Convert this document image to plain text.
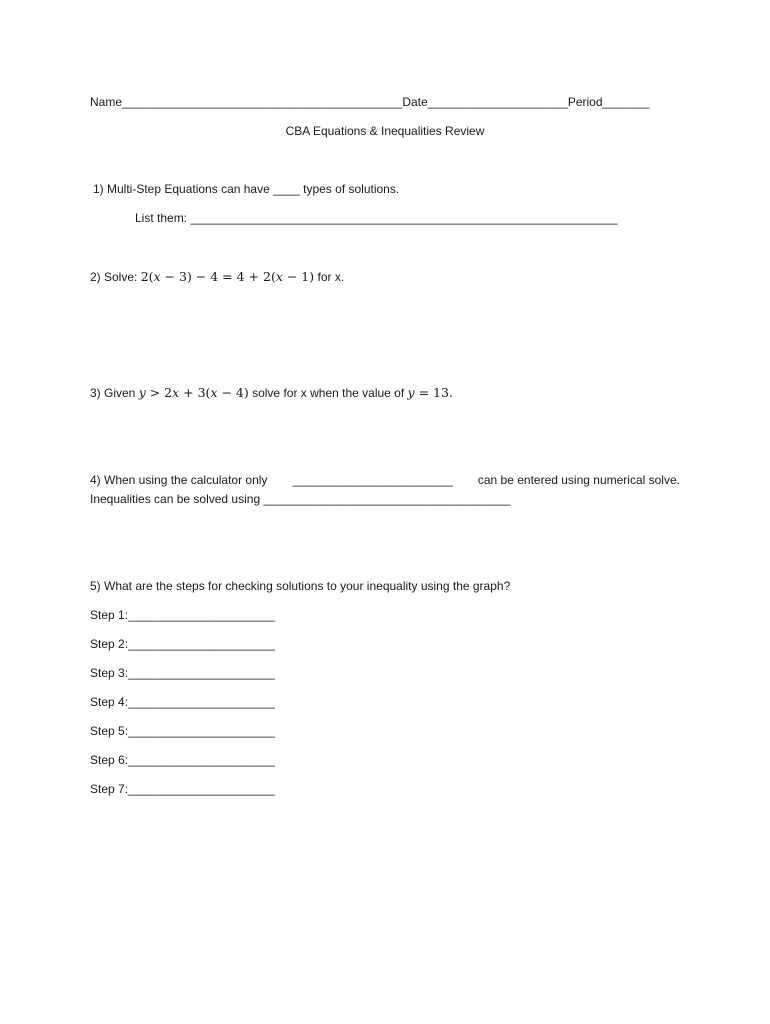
Name__________________________________________Date_____________________Period_______
CBA Equations & Inequalities Review
1) Multi-Step Equations can have ____ types of solutions.
List them: ________________________________________________________________
2) Solve: 2(𝑥 − 3) − 4 = 4 + 2(𝑥 − 1) for x.
3) Given 𝑦 > 2𝑥 + 3(𝑥 − 4) solve for x when the value of 𝑦 = 13.
4) When using the calculator only ________________________ can be entered using numerical solve.
Inequalities can be solved using _____________________________________
5) What are the steps for checking solutions to your inequality using the graph?
Step 1:______________________
Step 2:______________________
Step 3:______________________
Step 4:______________________
Step 5:______________________
Step 6:______________________
Step 7:______________________
